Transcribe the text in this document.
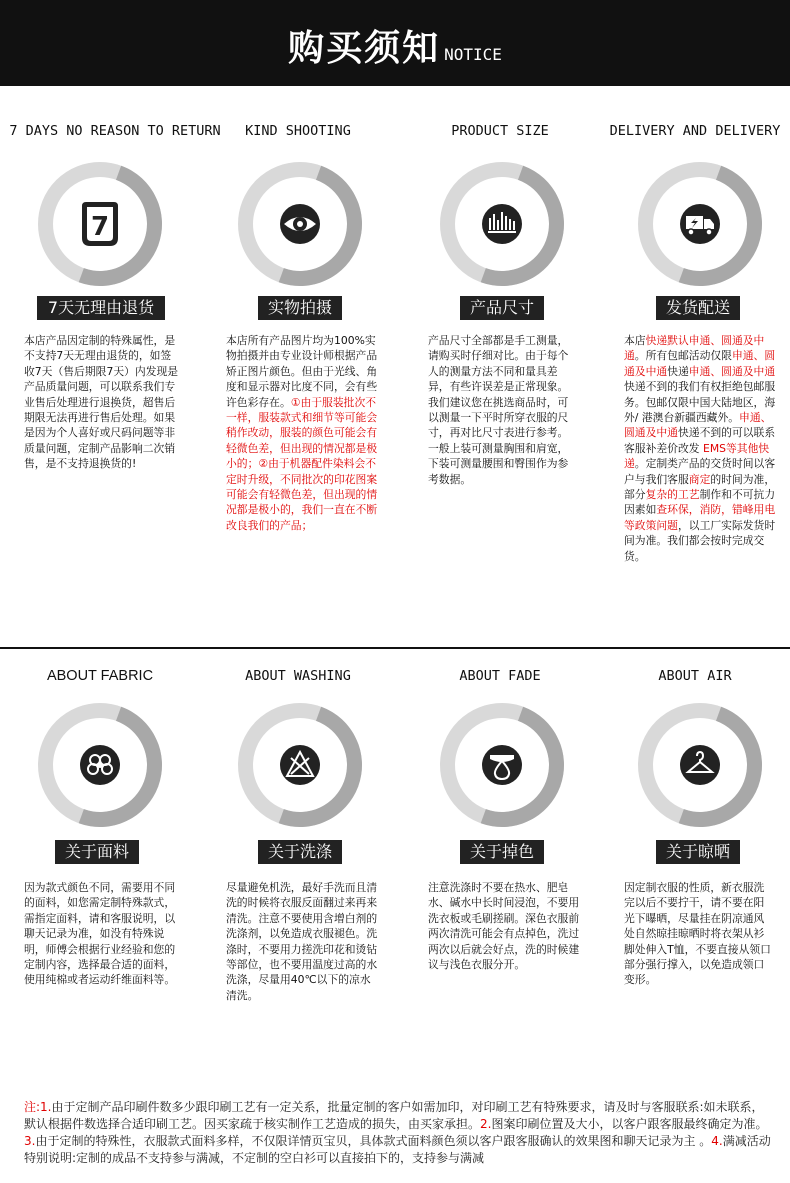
购买须知 NOTICE
7 DAYS NO REASON TO RETURN	KIND SHOOTING	PRODUCT SIZE	DELIVERY AND DELIVERY
7
7天无理由退货	实物拍摄	产品尺寸	发货配送
本店产品因定制的特殊属性，是不支持7天无理由退货的，如签收7天（售后期限7天）内发现是产品质量问题，可以联系我们专业售后处理进行退换货，超售后期限无法再进行售后处理。如果是因为个人喜好或尺码问题等非质量问题，定制产品影响二次销售，是不支持退换货的!
本店所有产品图片均为100%实物拍摄并由专业设计师根据产品矫正图片颜色。但由于光线、角度和显示器对比度不同，会有些许色彩存在。①由于服装批次不一样，服装款式和细节等可能会稍作改动，服装的颜色可能会有轻微色差，但出现的情况都是极小的；②由于机器配件染料会不定时升级，不同批次的印花图案可能会有轻微色差，但出现的情况都是极小的，我们一直在不断改良我们的产品；
产品尺寸全部都是手工测量，请购买时仔细对比。由于每个人的测量方法不同和量具差异，有些许误差是正常现象。我们建议您在挑选商品时，可以测量一下平时所穿衣服的尺寸，再对比尺寸表进行参考。一般上装可测量胸围和肩宽，下装可测量腰围和臀围作为参考数据。
本店快递默认申通、圆通及中通。所有包邮活动仅限申通、圆通及中通快递申通、圆通及中通快递不到的我们有权拒绝包邮服务。包邮仅限中国大陆地区，海外/ 港澳台新疆西藏外。申通、圆通及中通快递不到的可以联系客服补差价改发 EMS等其他快递。定制类产品的交货时间以客户与我们客服商定的时间为准，部分复杂的工艺制作和不可抗力因素如查环保，消防，错峰用电等政策问题，以工厂实际发货时间为准。我们都会按时完成交货。
ABOUT FABRIC	ABOUT WASHING	ABOUT FADE	ABOUT AIR
关于面料	关于洗涤	关于掉色	关于晾晒
因为款式颜色不同，需要用不同的面料，如您需定制特殊款式，需指定面料，请和客服说明，以聊天记录为准，如没有特殊说明，师傅会根据行业经验和您的定制内容，选择最合适的面料，使用纯棉或者运动纤维面料等。
尽量避免机洗，最好手洗而且清洗的时候将衣服反面翻过来再来清洗。注意不要使用含增白剂的洗涤剂，以免造成衣服褪色。洗涤时，不要用力搓洗印花和烫钻等部位，也不要用温度过高的水洗涤，尽量用40℃以下的凉水清洗。
注意洗涤时不要在热水、肥皂水、碱水中长时间浸泡，不要用洗衣板或毛刷搓刷。深色衣服前两次清洗可能会有点掉色，洗过两次以后就会好点，洗的时候建议与浅色衣服分开。
因定制衣服的性质，新衣服洗完以后不要拧干，请不要在阳光下曝晒，尽量挂在阴凉通风处自然晾挂晾晒时将衣架从衫脚处伸入T恤，不要直接从领口部分强行撑入，以免造成领口变形。
注:1.由于定制产品印刷件数多少跟印刷工艺有一定关系，批量定制的客户如需加印，对印刷工艺有特殊要求，请及时与客服联系:如未联系，默认根据件数选择合适印刷工艺。因买家疏于核实制作工艺造成的损失，由买家承担。2.图案印刷位置及大小，以客户跟客服最终确定为准。3.由于定制的特殊性，衣服款式面料多样，不仅限详情页宝贝，具体款式面料颜色须以客户跟客服确认的效果图和聊天记录为主 。4.满减活动特别说明:定制的成品不支持参与满减，不定制的空白衫可以直接拍下的，支持参与满减
